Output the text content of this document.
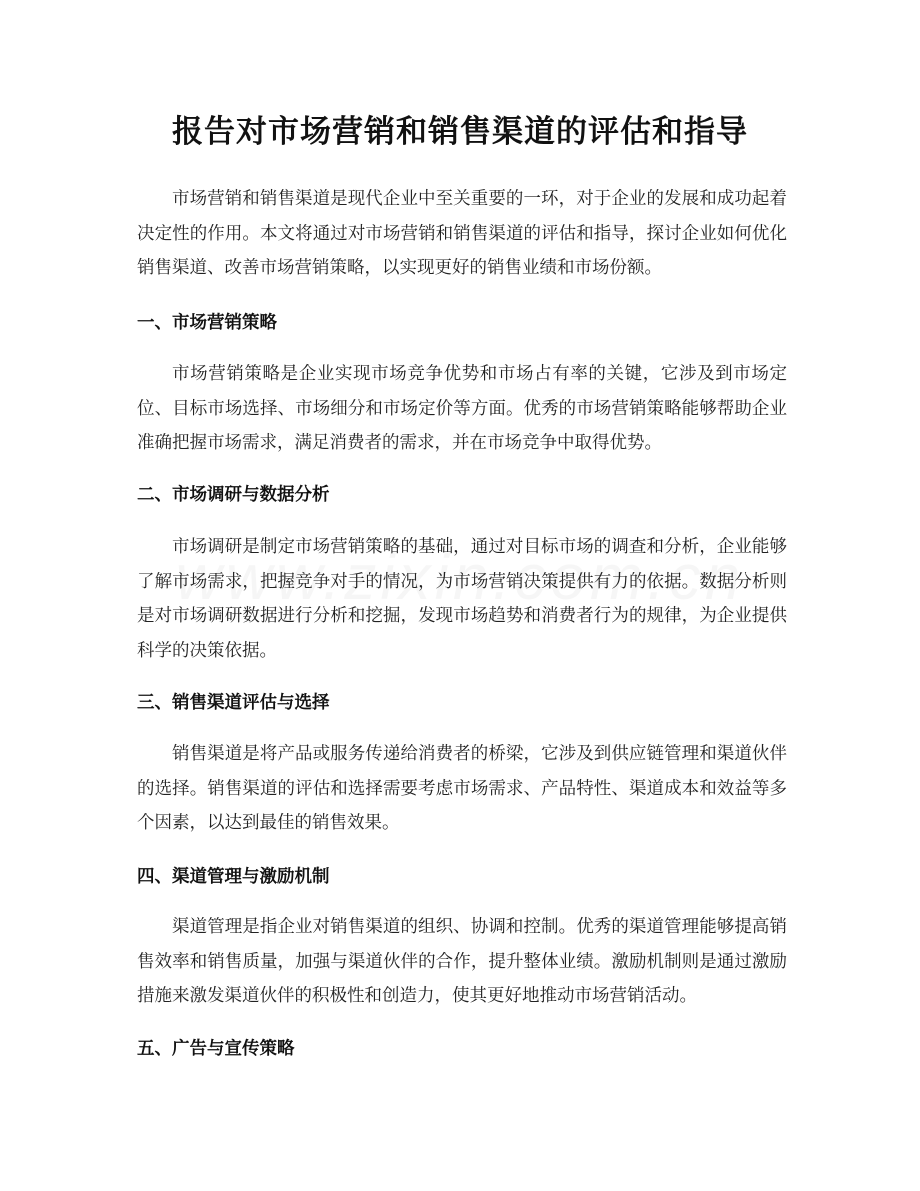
报告对市场营销和销售渠道的评估和指导

市场营销和销售渠道是现代企业中至关重要的一环，对于企业的发展和成功起着决定性的作用。本文将通过对市场营销和销售渠道的评估和指导，探讨企业如何优化销售渠道、改善市场营销策略，以实现更好的销售业绩和市场份额。

一、市场营销策略

市场营销策略是企业实现市场竞争优势和市场占有率的关键，它涉及到市场定位、目标市场选择、市场细分和市场定价等方面。优秀的市场营销策略能够帮助企业准确把握市场需求，满足消费者的需求，并在市场竞争中取得优势。

二、市场调研与数据分析

市场调研是制定市场营销策略的基础，通过对目标市场的调查和分析，企业能够了解市场需求，把握竞争对手的情况，为市场营销决策提供有力的依据。数据分析则是对市场调研数据进行分析和挖掘，发现市场趋势和消费者行为的规律，为企业提供科学的决策依据。

三、销售渠道评估与选择

销售渠道是将产品或服务传递给消费者的桥梁，它涉及到供应链管理和渠道伙伴的选择。销售渠道的评估和选择需要考虑市场需求、产品特性、渠道成本和效益等多个因素，以达到最佳的销售效果。

四、渠道管理与激励机制

渠道管理是指企业对销售渠道的组织、协调和控制。优秀的渠道管理能够提高销售效率和销售质量，加强与渠道伙伴的合作，提升整体业绩。激励机制则是通过激励措施来激发渠道伙伴的积极性和创造力，使其更好地推动市场营销活动。

五、广告与宣传策略
